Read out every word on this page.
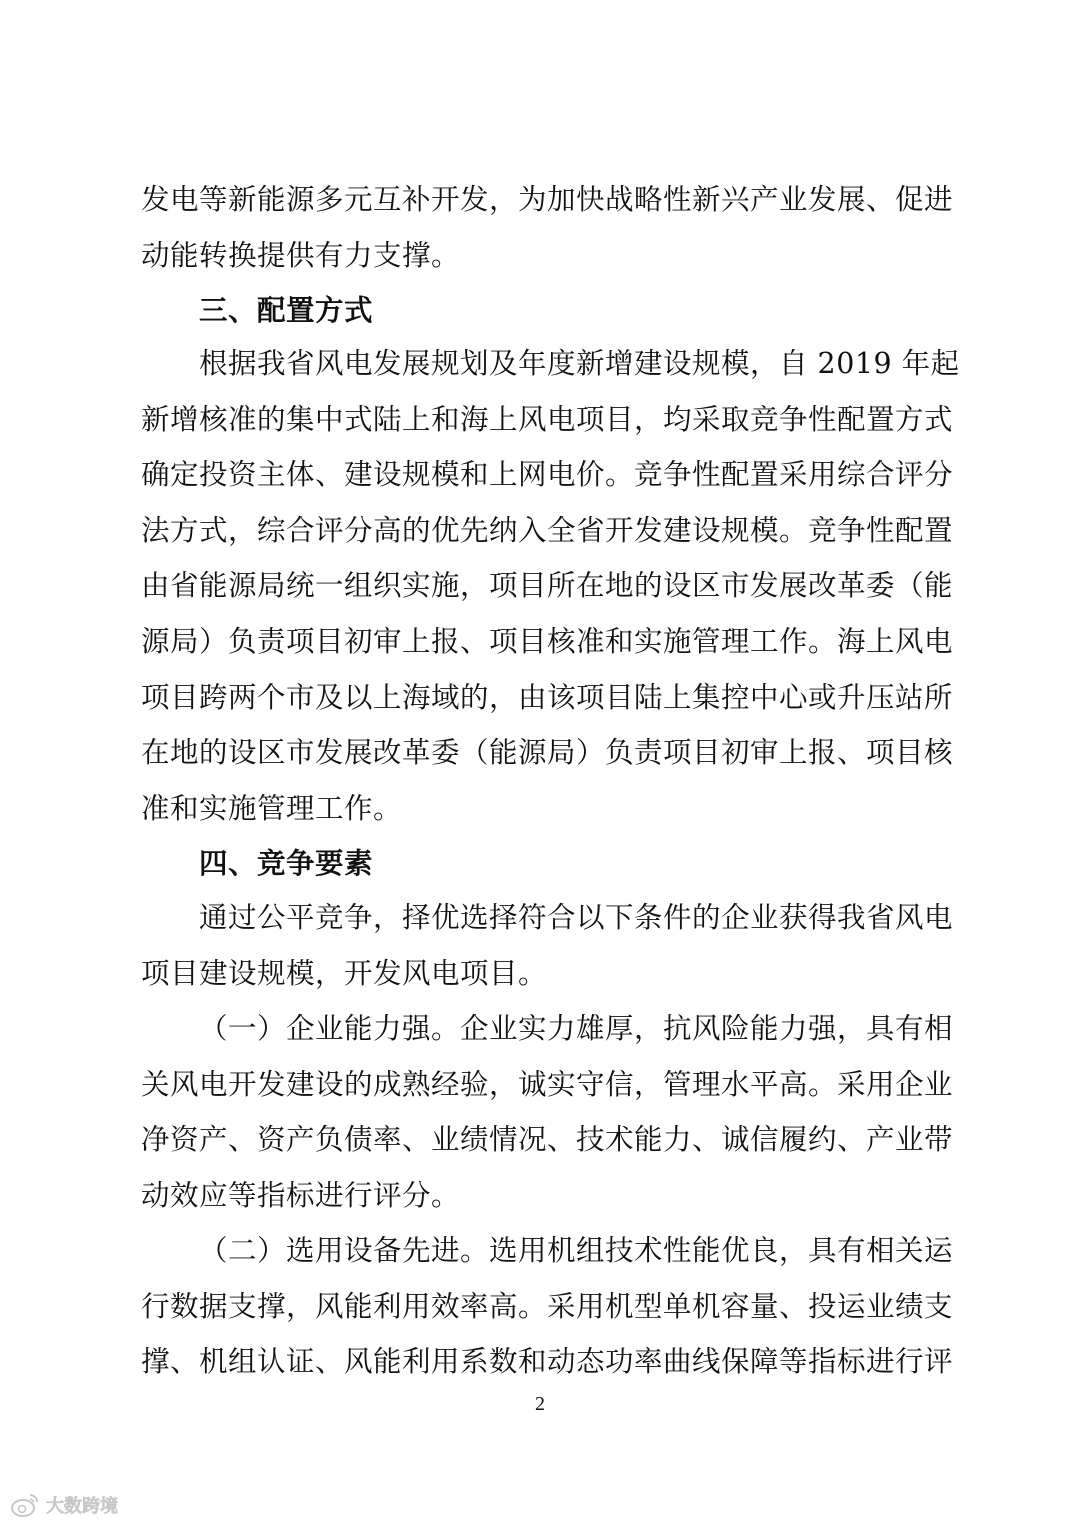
发电等新能源多元互补开发，为加快战略性新兴产业发展、促进
动能转换提供有力支撑。
三、配置方式
根据我省风电发展规划及年度新增建设规模，自 2019 年起
新增核准的集中式陆上和海上风电项目，均采取竞争性配置方式
确定投资主体、建设规模和上网电价。竞争性配置采用综合评分
法方式，综合评分高的优先纳入全省开发建设规模。竞争性配置
由省能源局统一组织实施，项目所在地的设区市发展改革委（能
源局）负责项目初审上报、项目核准和实施管理工作。海上风电
项目跨两个市及以上海域的，由该项目陆上集控中心或升压站所
在地的设区市发展改革委（能源局）负责项目初审上报、项目核
准和实施管理工作。
四、竞争要素
通过公平竞争，择优选择符合以下条件的企业获得我省风电
项目建设规模，开发风电项目。
（一）企业能力强。企业实力雄厚，抗风险能力强，具有相
关风电开发建设的成熟经验，诚实守信，管理水平高。采用企业
净资产、资产负债率、业绩情况、技术能力、诚信履约、产业带
动效应等指标进行评分。
（二）选用设备先进。选用机组技术性能优良，具有相关运
行数据支撑，风能利用效率高。采用机型单机容量、投运业绩支
撑、机组认证、风能利用系数和动态功率曲线保障等指标进行评
2
大数跨境
